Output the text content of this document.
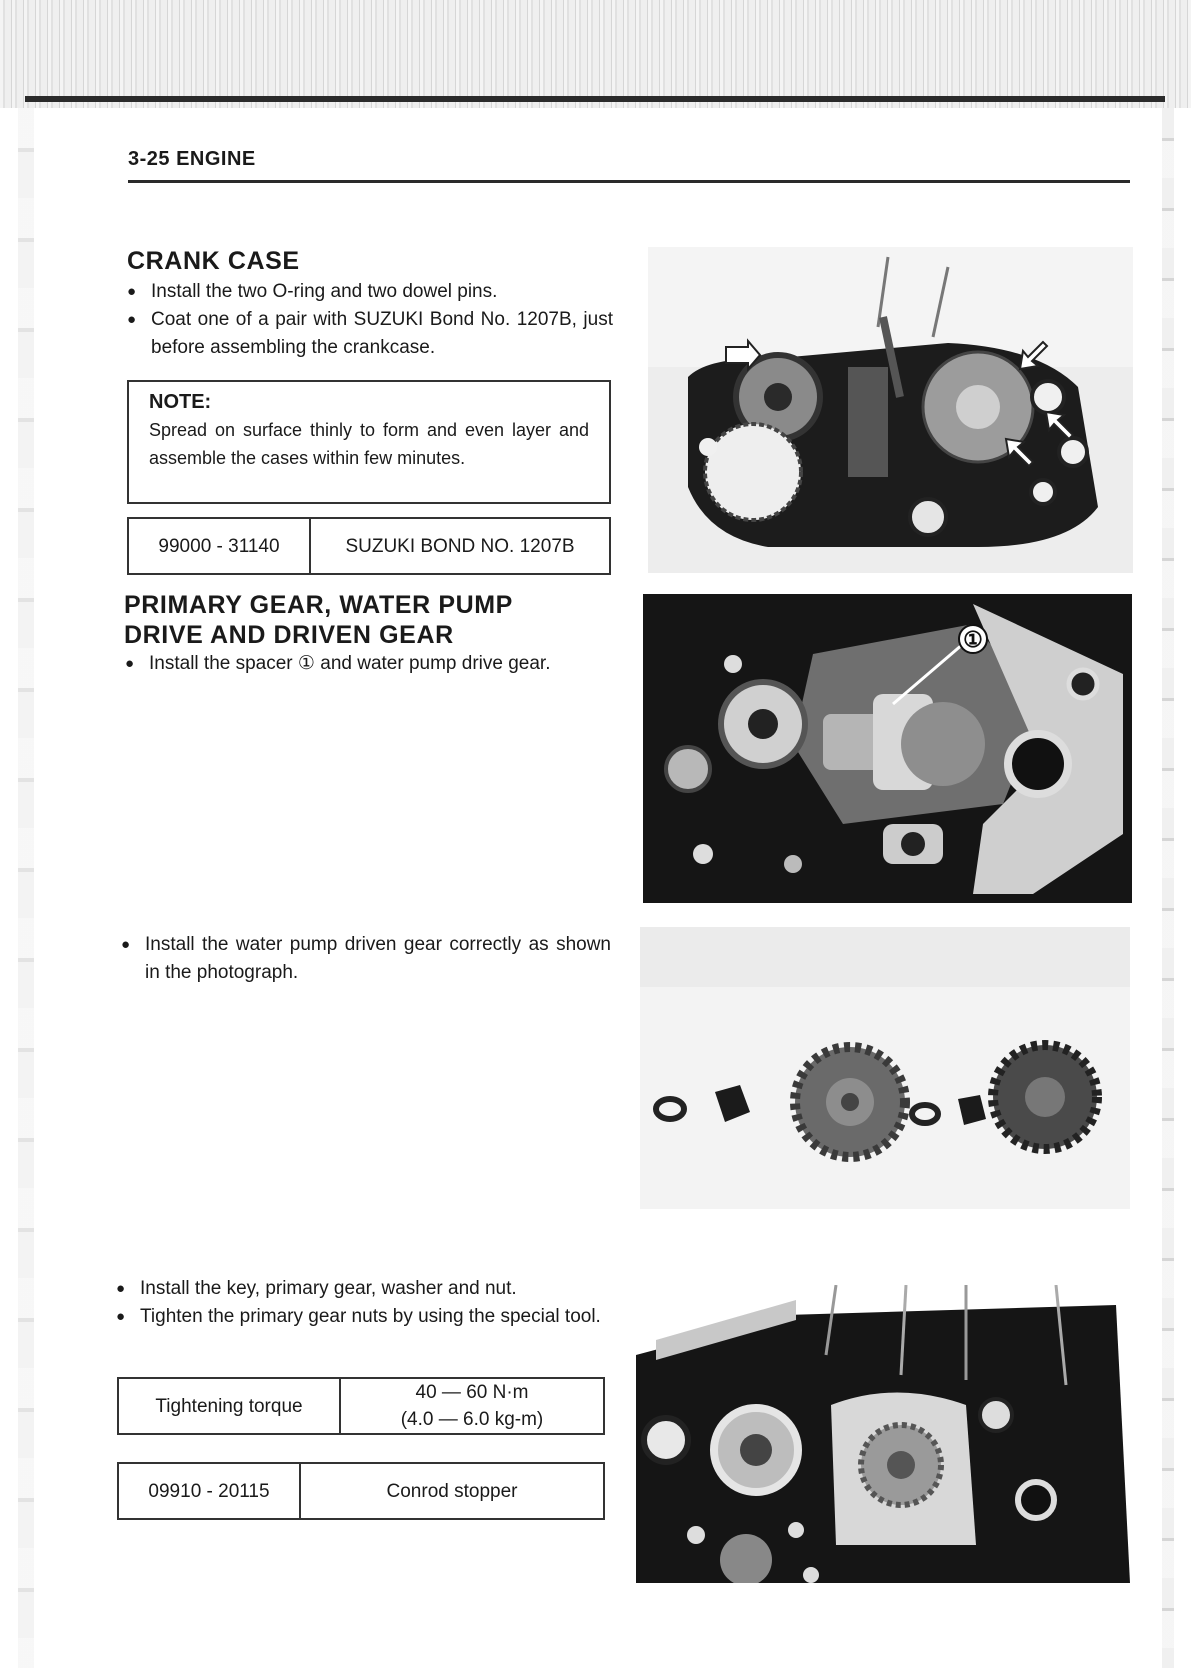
3-25 ENGINE
CRANK CASE
● Install the two O-ring and two dowel pins.
● Coat one of a pair with SUZUKI Bond No. 1207B, just before assembling the crankcase.
NOTE:
Spread on surface thinly to form and even layer and assemble the cases within few minutes.
99000 - 31140	SUZUKI BOND NO. 1207B
PRIMARY GEAR, WATER PUMP
DRIVE AND DRIVEN GEAR
● Install the spacer ① and water pump drive gear.
● Install the water pump driven gear correctly as shown in the photograph.
● Install the key, primary gear, washer and nut.
● Tighten the primary gear nuts by using the special tool.
Tightening torque	40 — 60 N·m
(4.0 — 6.0 kg-m)
09910 - 20115	Conrod stopper
①
